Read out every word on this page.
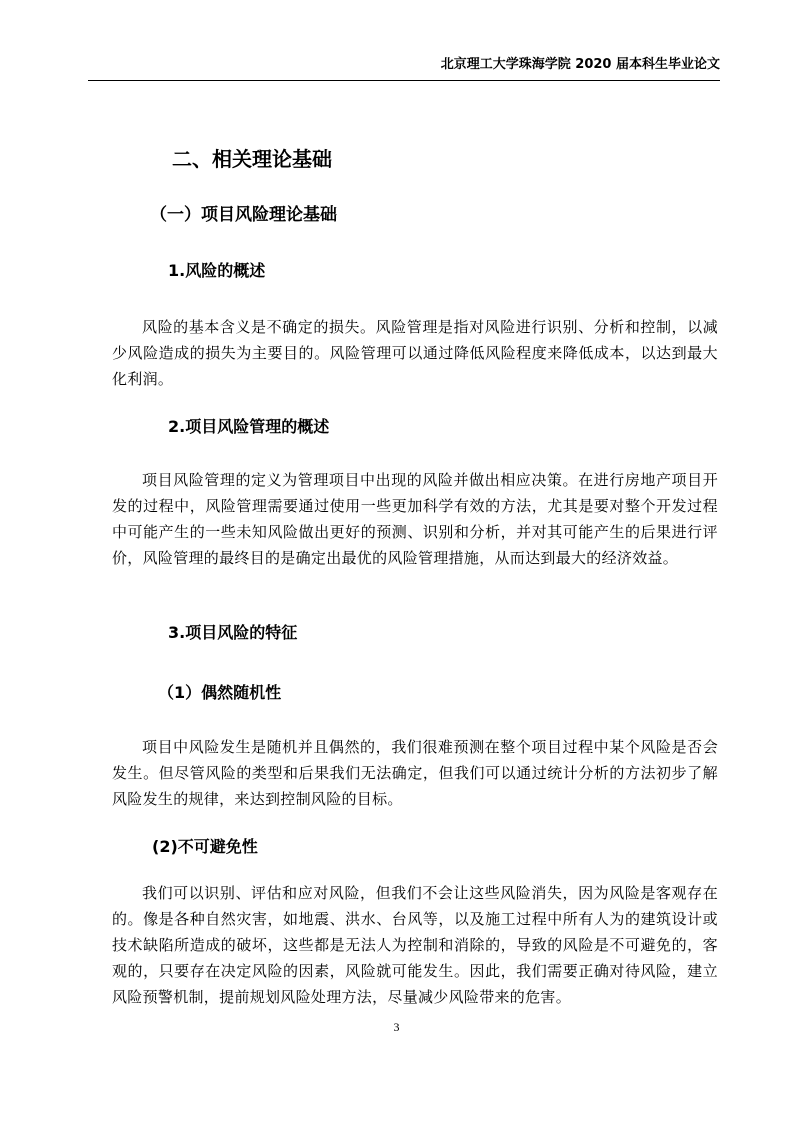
北京理工大学珠海学院 2020 届本科生毕业论文
二、相关理论基础
（一）项目风险理论基础
1.风险的概述
风险的基本含义是不确定的损失。风险管理是指对风险进行识别、分析和控制，以减少风险造成的损失为主要目的。风险管理可以通过降低风险程度来降低成本，以达到最大化利润。
2.项目风险管理的概述
项目风险管理的定义为管理项目中出现的风险并做出相应决策。在进行房地产项目开发的过程中，风险管理需要通过使用一些更加科学有效的方法，尤其是要对整个开发过程中可能产生的一些未知风险做出更好的预测、识别和分析，并对其可能产生的后果进行评价，风险管理的最终目的是确定出最优的风险管理措施，从而达到最大的经济效益。
3.项目风险的特征
（1）偶然随机性
项目中风险发生是随机并且偶然的，我们很难预测在整个项目过程中某个风险是否会发生。但尽管风险的类型和后果我们无法确定，但我们可以通过统计分析的方法初步了解风险发生的规律，来达到控制风险的目标。
(2)不可避免性
我们可以识别、评估和应对风险，但我们不会让这些风险消失，因为风险是客观存在的。像是各种自然灾害，如地震、洪水、台风等，以及施工过程中所有人为的建筑设计或技术缺陷所造成的破坏，这些都是无法人为控制和消除的，导致的风险是不可避免的，客观的，只要存在决定风险的因素，风险就可能发生。因此，我们需要正确对待风险，建立风险预警机制，提前规划风险处理方法，尽量减少风险带来的危害。
3
